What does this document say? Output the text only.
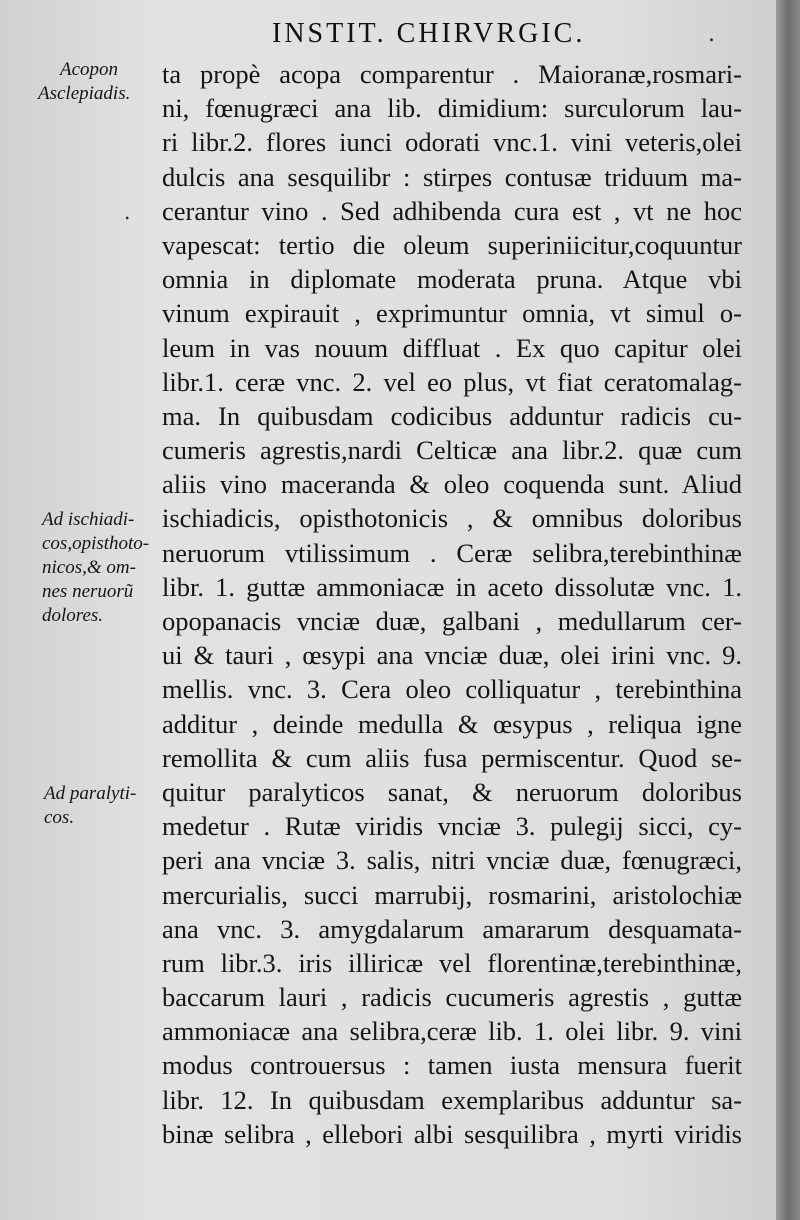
INSTIT. CHIRVRGIC.	.
.
Acopon
Asclepiadis.
Ad ischiadi-
cos,opisthoto-
nicos,& om-
nes neruorũ
dolores.
Ad paralyti-
cos.
ta propè acopa comparentur . Maioranæ,rosmari-
ni, fœnugræci ana lib. dimidium: surculorum lau-
ri libr.2. flores iunci odorati vnc.1. vini veteris,olei
dulcis ana sesquilibr : stirpes contusæ triduum ma-
cerantur vino . Sed adhibenda cura est , vt ne hoc
vapescat: tertio die oleum superiniicitur,coquuntur
omnia in diplomate moderata pruna. Atque vbi
vinum expirauit , exprimuntur omnia, vt simul o-
leum in vas nouum diffluat . Ex quo capitur olei
libr.1. ceræ vnc. 2. vel eo plus, vt fiat ceratomalag-
ma. In quibusdam codicibus adduntur radicis cu-
cumeris agrestis,nardi Celticæ ana libr.2. quæ cum
aliis vino maceranda & oleo coquenda sunt. Aliud
ischiadicis, opisthotonicis , & omnibus doloribus
neruorum vtilissimum . Ceræ selibra,terebinthinæ
libr. 1. guttæ ammoniacæ in aceto dissolutæ vnc. 1.
opopanacis vnciæ duæ, galbani , medullarum cer-
ui & tauri , œsypi ana vnciæ duæ, olei irini vnc. 9.
mellis. vnc. 3. Cera oleo colliquatur , terebinthina
additur , deinde medulla & œsypus , reliqua igne
remollita & cum aliis fusa permiscentur. Quod se-
quitur paralyticos sanat, & neruorum doloribus
medetur . Rutæ viridis vnciæ 3. pulegij sicci, cy-
peri ana vnciæ 3. salis, nitri vnciæ duæ, fœnugræci,
mercurialis, succi marrubij, rosmarini, aristolochiæ
ana vnc. 3. amygdalarum amararum desquamata-
rum libr.3. iris illiricæ vel florentinæ,terebinthinæ,
baccarum lauri , radicis cucumeris agrestis , guttæ
ammoniacæ ana selibra,ceræ lib. 1. olei libr. 9. vini
modus controuersus : tamen iusta mensura fuerit
libr. 12. In quibusdam exemplaribus adduntur sa-
binæ selibra , ellebori albi sesquilibra , myrti viridis
